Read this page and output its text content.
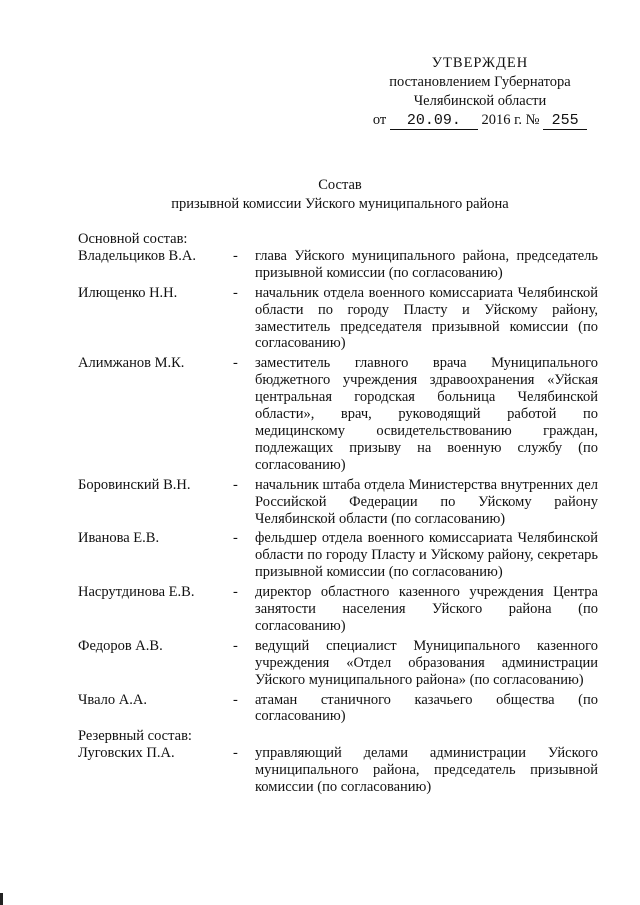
УТВЕРЖДЕН
постановлением Губернатора
Челябинской области
от 20.09. 2016 г. № 255
Состав
призывной комиссии Уйского муниципального района
Основной состав:
Владельциков В.А.	-	глава Уйского муниципального района, председатель призывной комиссии (по согласованию)
Илющенко Н.Н.	-	начальник отдела военного комиссариата Челябинской области по городу Пласту и Уйскому району, заместитель председателя призывной комиссии (по согласованию)
Алимжанов М.К.	-	заместитель главного врача Муниципального бюджетного учреждения здравоохранения «Уйская центральная городская больница Челябинской области», врач, руководящий работой по медицинскому освидетельствованию граждан, подлежащих призыву на военную службу (по согласованию)
Боровинский В.Н.	-	начальник штаба отдела Министерства внутренних дел Российской Федерации по Уйскому району Челябинской области (по согласованию)
Иванова Е.В.	-	фельдшер отдела военного комиссариата Челябинской области по городу Пласту и Уйскому району, секретарь призывной комиссии (по согласованию)
Насрутдинова Е.В.	-	директор областного казенного учреждения Центра занятости населения Уйского района (по согласованию)
Федоров А.В.	-	ведущий специалист Муниципального казенного учреждения «Отдел образования администрации Уйского муниципального района» (по согласованию)
Чвало А.А.	-	атаман станичного казачьего общества (по согласованию)
Резервный состав:
Луговских П.А.	-	управляющий делами администрации Уйского муниципального района, председатель призывной комиссии (по согласованию)
